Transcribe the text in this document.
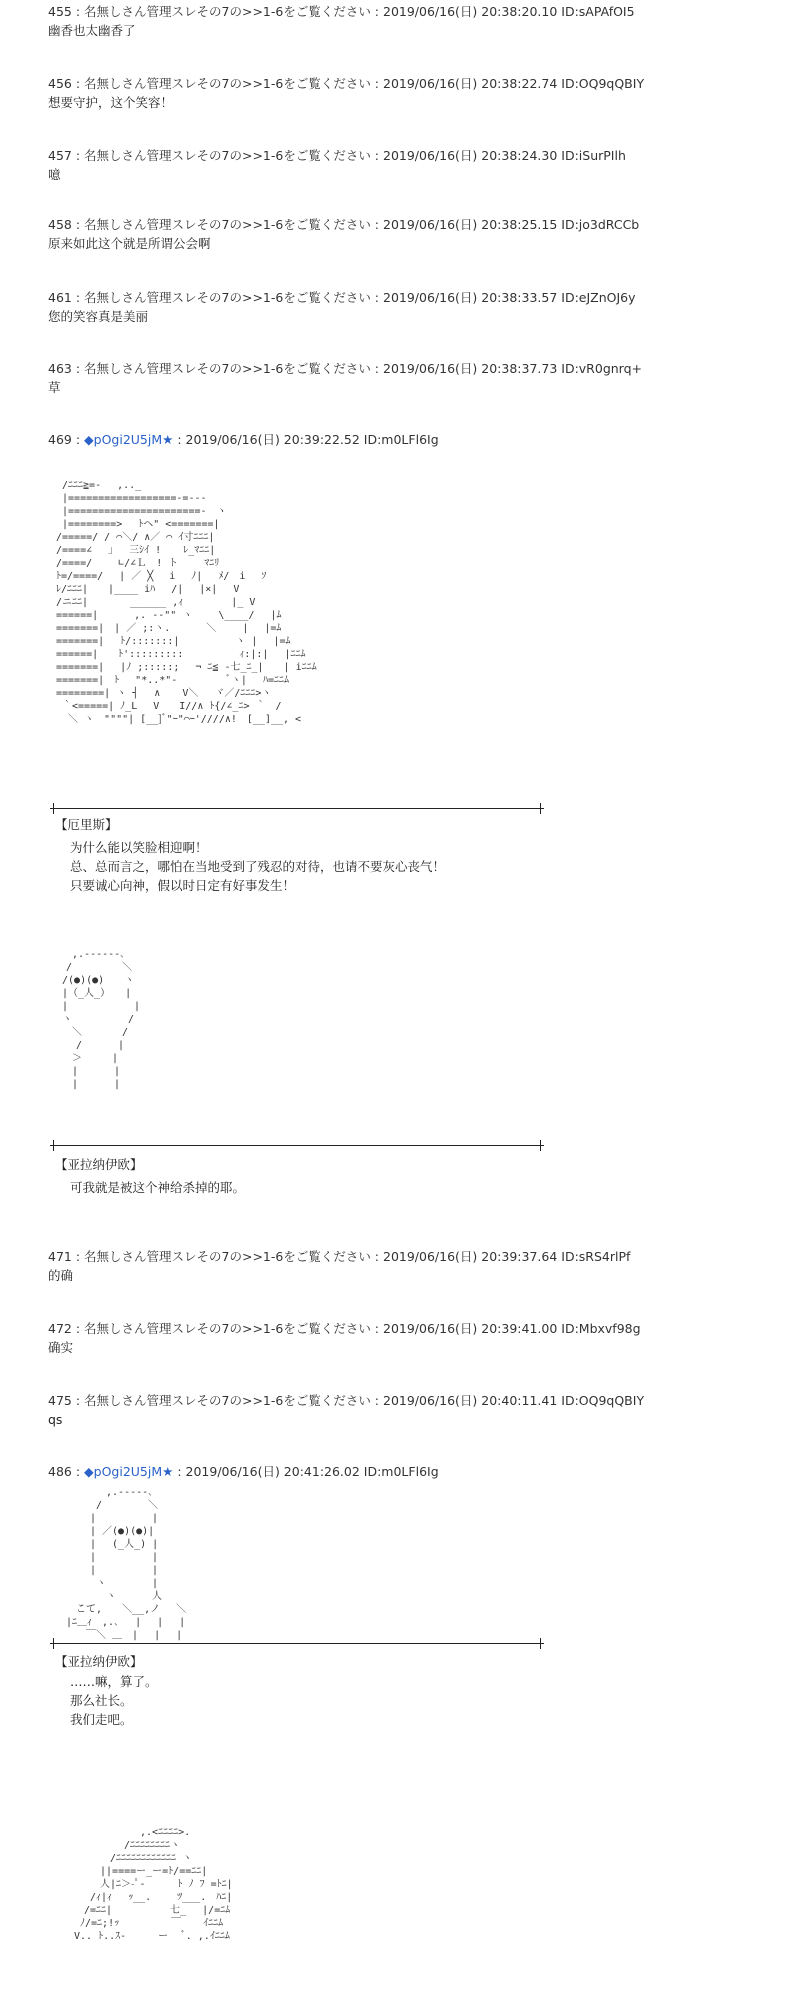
455 : 名無しさん管理スレその7の>>1-6をご覧ください : 2019/06/16(日) 20:38:20.10 ID:sAPAfOI5
幽香也太幽香了
456 : 名無しさん管理スレその7の>>1-6をご覧ください : 2019/06/16(日) 20:38:22.74 ID:OQ9qQBIY
想要守护，这个笑容！
457 : 名無しさん管理スレその7の>>1-6をご覧ください : 2019/06/16(日) 20:38:24.30 ID:iSurPIlh
噫
458 : 名無しさん管理スレその7の>>1-6をご覧ください : 2019/06/16(日) 20:38:25.15 ID:jo3dRCCb
原来如此这个就是所谓公会啊
461 : 名無しさん管理スレその7の>>1-6をご覧ください : 2019/06/16(日) 20:38:33.57 ID:eJZnOJ6y
您的笑容真是美丽
463 : 名無しさん管理スレその7の>>1-6をご覧ください : 2019/06/16(日) 20:38:37.73 ID:vR0gnrq+
草
469 : ◆pOgi2U5jM★ : 2019/06/16(日) 20:39:22.52 ID:m0LFl6Ig
/ﾆﾆﾆ≧=-　 ,.._
|==================-=---
|======================-　ヽ
|========> 　ﾄヘ" <=======|
/=====/ / ⌒＼/ ∧／ ⌒ ｲ寸ﾆﾆﾆ|
/====∠　 」　 三ｼｲ ! 　 ﾚ_ﾏﾆﾆ|
/====/　　 ∟/∠Ｌ　! ト　 　ﾏﾆﾘ
ﾄ=/====/ 　| ／ ╳ 　i　 ﾉ|　 ﾒ/　i　 ｿ
ﾚ/ﾆﾆﾆ|　　|____ iﾊ 　/|　 |×|　 V
/ニﾆﾆ|　　 　 ______ ,ｨ　 　 　 |_ V
======|　　　 ,. -‐"" ヽ　　 \____/ 　|ﾑ
=======|　| ／ ;:ヽ.　　　 ＼　　 | 　|=ﾑ
=======|　 ﾄ/:::::::|　　　　　 ヽ | 　|=ﾑ
======|　　ﾄ':::::::::　　　　　 ｨ:|:| 　|ﾆﾆﾑ
=======| 　|ﾉ ;:::::;　 ¬ ﾆ≦ ‐七_ﾆ_|　　| iﾆﾆﾑ
=======|　ﾄ 　"*..*"‐ 　　　　 ﾞヽ|　 ﾊ=ﾆﾆﾑ
========| ヽ ┤　 ∧ 　 V＼ 　ヾ／/ﾆﾆﾆ>ヽ
｀<=====| ﾉ_L 　V　　I//∧ ﾄ{/∠_ﾆ> ｀　/
＼ ヽ　""""| [__]ﾞ"ｰ"⌒ｰ'////∧!　[__]__, <
【厄里斯】
为什么能以笑脸相迎啊！
总、总而言之，哪怕在当地受到了残忍的对待，也请不要灰心丧气！
只要诚心向神，假以时日定有好事发生！
　　 ,.-‐‐‐‐-､
　　/　　　　　＼
　 /(●)(●)　　ヽ
　 |（_人_）　　|
　 |　　　　　　 |
　 ヽ　　　　　 /
　 　＼　　　　/
　　　/　　　 |
　　 ＞　　　|
　　 |　　　 |
　　 |　　　 |
【亚拉纳伊欧】
可我就是被这个神给杀掉的耶。
471 : 名無しさん管理スレその7の>>1-6をご覧ください : 2019/06/16(日) 20:39:37.64 ID:sRS4rlPf
的确
472 : 名無しさん管理スレその7の>>1-6をご覧ください : 2019/06/16(日) 20:39:41.00 ID:Mbxvf98g
确实
475 : 名無しさん管理スレその7の>>1-6をご覧ください : 2019/06/16(日) 20:40:11.41 ID:OQ9qQBIY
qs
486 : ◆pOgi2U5jM★ : 2019/06/16(日) 20:41:26.02 ID:m0LFl6Ig
　　　　 ,.-‐‐‐-､
　　　 /　　　　 ＼
　　　|　　　　　 |
　　　| ／(●)(●)|
　　　|　 (_人_) |
　　　|　　　　　 |
　　　|　　　　　 |
　　　 ヽ　　　　 |
　　　　 ヽ　　　 人
　 こて,　　＼__,ノ 　＼
|ﾆ＿ｨ　,.､　 |　 |　 |
　　 ￣＼ ＿　|　 |　 |
【亚拉纳伊欧】
……嘛，算了。
那么社长。
我们走吧。
　　　　　　 ,.<ﾆﾆﾆﾆ>.
　　　　　/ﾆﾆﾆﾆﾆﾆﾆﾆヽ
　　　 /ﾆﾆﾆﾆﾆﾆﾆﾆﾆﾆﾆﾆ ヽ
　　 ||====ー_ー=ﾄ/==ﾆﾆ|
　　 人|ﾆ＞-ﾟ- 　　 ﾄ ﾉ ﾌ =ﾄﾆ|
　 /ｨ|ｨ 　ｯ__.　　 ﾂ___.　ﾊﾆ|
　/=ﾆﾆ| 　　 　　 七_　 |/=ﾆﾑ
ﾉ/=ﾆ;!ｯ　　　 　 ￣ 　 ｲﾆﾆﾑ
V.. ﾄ..ｽ-　 　 ー　 ﾞ. ,.ｲﾆﾆﾑ
